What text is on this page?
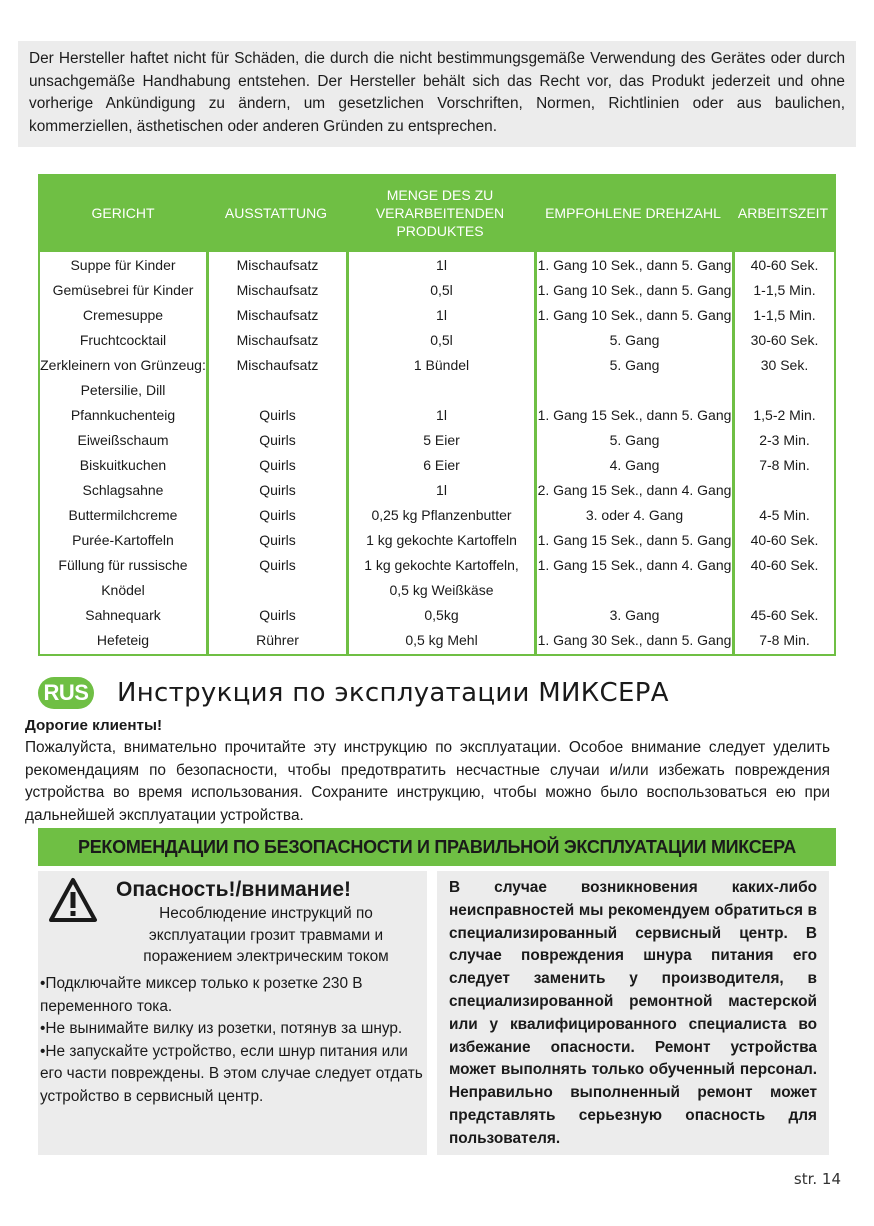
Der Hersteller haftet nicht für Schäden, die durch die nicht bestimmungsgemäße Verwendung des Gerätes oder durch unsachgemäße Handhabung entstehen. Der Hersteller behält sich das Recht vor, das Produkt jederzeit und ohne vorherige Ankündigung zu ändern, um gesetzlichen Vorschriften, Normen, Richtlinien oder aus baulichen, kommerziellen, ästhetischen oder anderen Gründen zu entsprechen.
GERICHT	AUSSTATTUNG
MENGE DES ZU VERARBEITENDEN PRODUKTES
EMPFOHLENE DREHZAHL	ARBEITSZEIT
Suppe für Kinder
Gemüsebrei für Kinder
Cremesuppe
Fruchtcocktail
Zerkleinern von Grünzeug:
Petersilie, Dill
Pfannkuchenteig
Eiweißschaum
Biskuitkuchen
Schlagsahne
Buttermilchcreme
Purée-Kartoffeln
Füllung für russische
Knödel
Sahnequark
Hefeteig
Mischaufsatz
Mischaufsatz
Mischaufsatz
Mischaufsatz
Mischaufsatz
Quirls
Quirls
Quirls
Quirls
Quirls
Quirls
Quirls
Quirls
Rührer
1l
0,5l
1l
0,5l
1 Bündel
1l
5 Eier
6 Eier
1l
0,25 kg Pflanzenbutter
1 kg gekochte Kartoffeln
1 kg gekochte Kartoffeln,
0,5 kg Weißkäse
0,5kg
0,5 kg Mehl
1. Gang 10 Sek., dann 5. Gang
1. Gang 10 Sek., dann 5. Gang
1. Gang 10 Sek., dann 5. Gang
5. Gang
5. Gang
1. Gang 15 Sek., dann 5. Gang
5. Gang
4. Gang
2. Gang 15 Sek., dann 4. Gang
3. oder 4. Gang
1. Gang 15 Sek., dann 5. Gang
1. Gang 15 Sek., dann 4. Gang
3. Gang
1. Gang 30 Sek., dann 5. Gang
40-60 Sek.
1-1,5 Min.
1-1,5 Min.
30-60 Sek.
30 Sek.
1,5-2 Min.
2-3 Min.
7-8 Min.
4-5 Min.
40-60 Sek.
40-60 Sek.
45-60 Sek.
7-8 Min.
RUS Инструкция по эксплуатации МИКСЕРА
Дорогие клиенты!
Пожалуйста, внимательно прочитайте эту инструкцию по эксплуатации. Особое внимание следует уделить рекомендациям по безопасности, чтобы предотвратить несчастные случаи и/или избежать повреждения устройства во время использования. Сохраните инструкцию, чтобы можно было воспользоваться ею при дальнейшей эксплуатации устройства.
РЕКОМЕНДАЦИИ ПО БЕЗОПАСНОСТИ И ПРАВИЛЬНОЙ ЭКСПЛУАТАЦИИ МИКСЕРА
Опасность!/внимание!
Несоблюдение инструкций по эксплуатации грозит травмами и поражением электрическим током

•Подключайте миксер только к розетке 230 В переменного тока.

•Не вынимайте вилку из розетки, потянув за шнур.

•Не запускайте устройство, если шнур питания или его части повреждены. В этом случае следует отдать устройство в сервисный центр.

В случае возникновения каких-либо неисправностей мы рекомендуем обратиться в специализированный сервисный центр. В случае повреждения шнура питания его следует заменить у производителя, в специализированной ремонтной мастерской или у квалифицированного специалиста во избежание опасности. Ремонт устройства может выполнять только обученный персонал. Неправильно выполненный ремонт может представлять серьезную опасность для пользователя.
str. 14
